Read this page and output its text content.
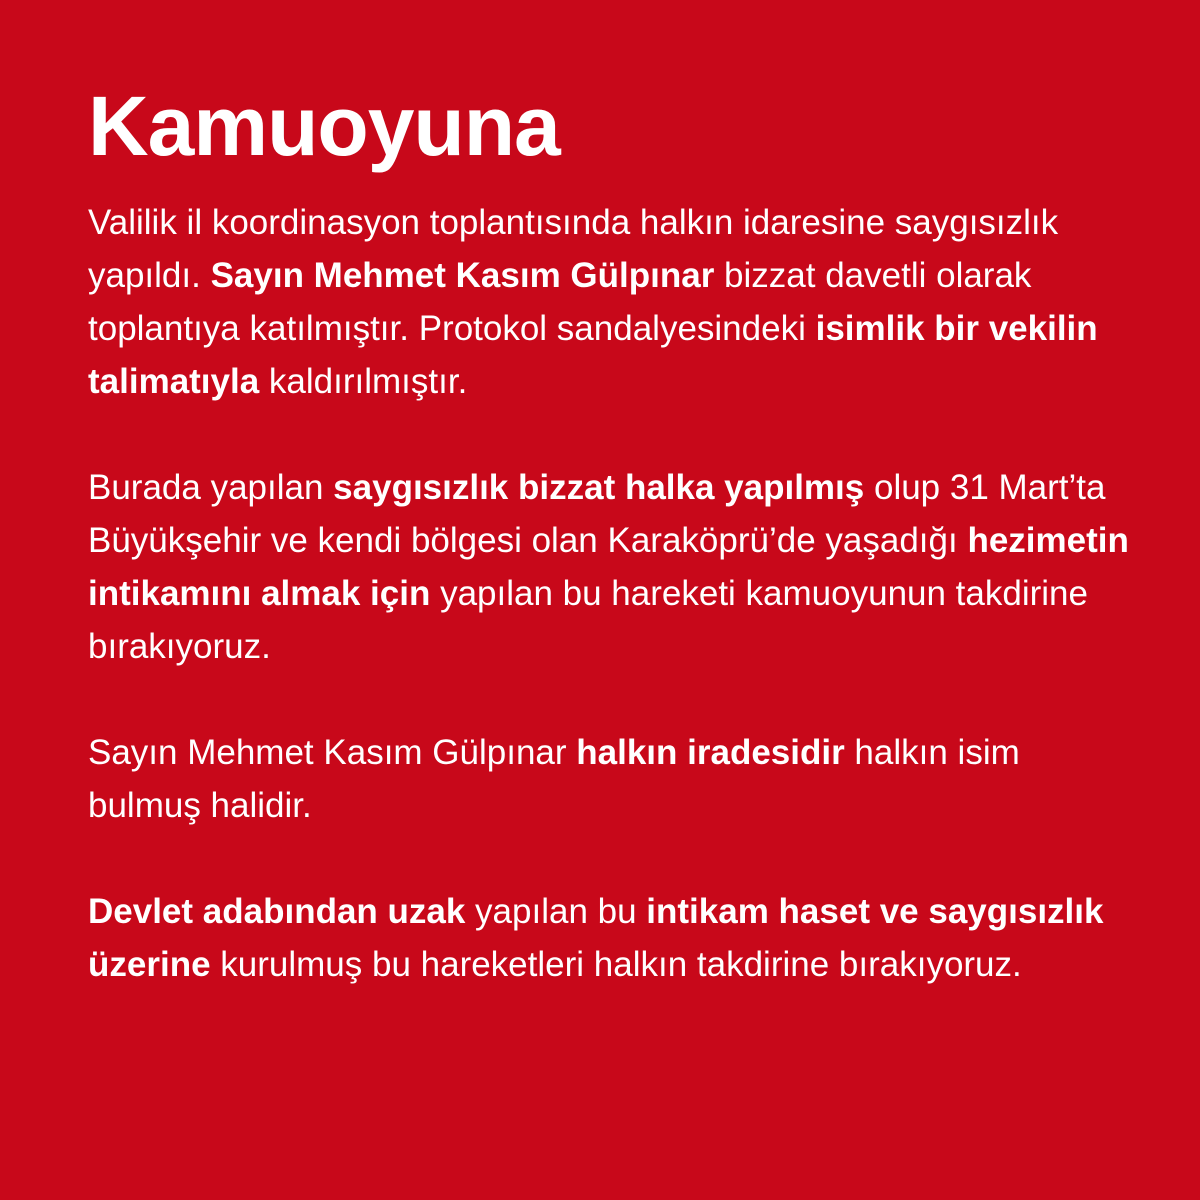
Kamuoyuna

Valilik il koordinasyon toplantısında halkın idaresine saygısızlık yapıldı. Sayın Mehmet Kasım Gülpınar bizzat davetli olarak toplantıya katılmıştır. Protokol sandalyesindeki isimlik bir vekilin talimatıyla kaldırılmıştır.

Burada yapılan saygısızlık bizzat halka yapılmış olup 31 Mart’ta Büyükşehir ve kendi bölgesi olan Karaköprü’de yaşadığı hezimetin intikamını almak için yapılan bu hareketi kamuoyunun takdirine bırakıyoruz.

Sayın Mehmet Kasım Gülpınar halkın iradesidir halkın isim bulmuş halidir.

Devlet adabından uzak yapılan bu intikam haset ve saygısızlık üzerine kurulmuş bu hareketleri halkın takdirine bırakıyoruz.
